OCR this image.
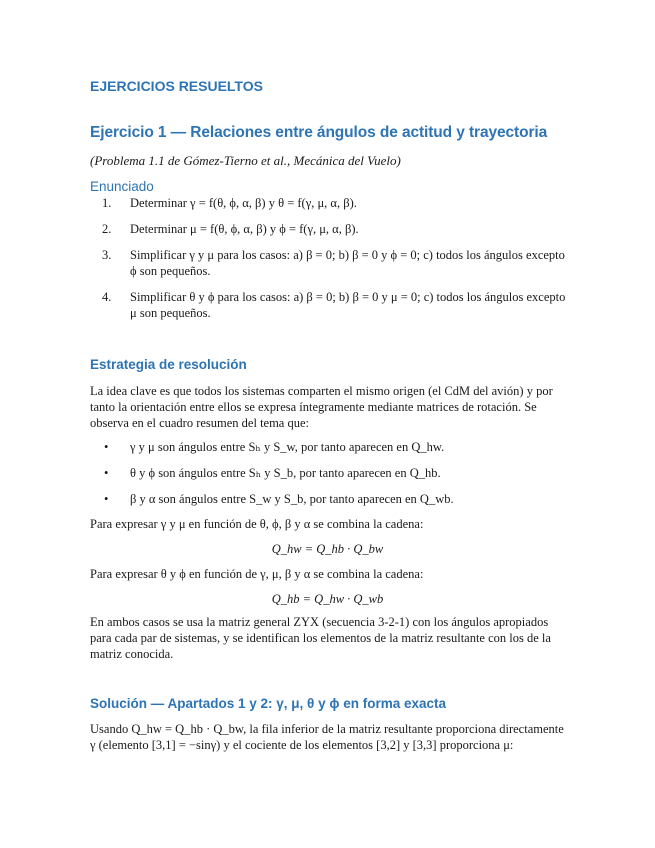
EJERCICIOS RESUELTOS
Ejercicio 1 — Relaciones entre ángulos de actitud y trayectoria

(Problema 1.1 de Gómez-Tierno et al., Mecánica del Vuelo)

Enunciado
1. Determinar γ = f(θ, ϕ, α, β) y θ = f(γ, μ, α, β).
2. Determinar μ = f(θ, ϕ, α, β) y ϕ = f(γ, μ, α, β).
3. Simplificar γ y μ para los casos: a) β = 0; b) β = 0 y ϕ = 0; c) todos los ángulos excepto ϕ son pequeños.
4. Simplificar θ y ϕ para los casos: a) β = 0; b) β = 0 y μ = 0; c) todos los ángulos excepto μ son pequeños.
Estrategia de resolución

La idea clave es que todos los sistemas comparten el mismo origen (el CdM del avión) y por tanto la orientación entre ellos se expresa íntegramente mediante matrices de rotación. Se observa en el cuadro resumen del tema que:

• γ y μ son ángulos entre Sₕ y S_w, por tanto aparecen en Q_hw.
• θ y ϕ son ángulos entre Sₕ y S_b, por tanto aparecen en Q_hb.
• β y α son ángulos entre S_w y S_b, por tanto aparecen en Q_wb.

Para expresar γ y μ en función de θ, ϕ, β y α se combina la cadena:

Q_hw = Q_hb · Q_bw

Para expresar θ y ϕ en función de γ, μ, β y α se combina la cadena:

Q_hb = Q_hw · Q_wb

En ambos casos se usa la matriz general ZYX (secuencia 3-2-1) con los ángulos apropiados para cada par de sistemas, y se identifican los elementos de la matriz resultante con los de la matriz conocida.

Solución — Apartados 1 y 2: γ, μ, θ y ϕ en forma exacta

Usando Q_hw = Q_hb · Q_bw, la fila inferior de la matriz resultante proporciona directamente γ (elemento [3,1] = −sinγ) y el cociente de los elementos [3,2] y [3,3] proporciona μ:
